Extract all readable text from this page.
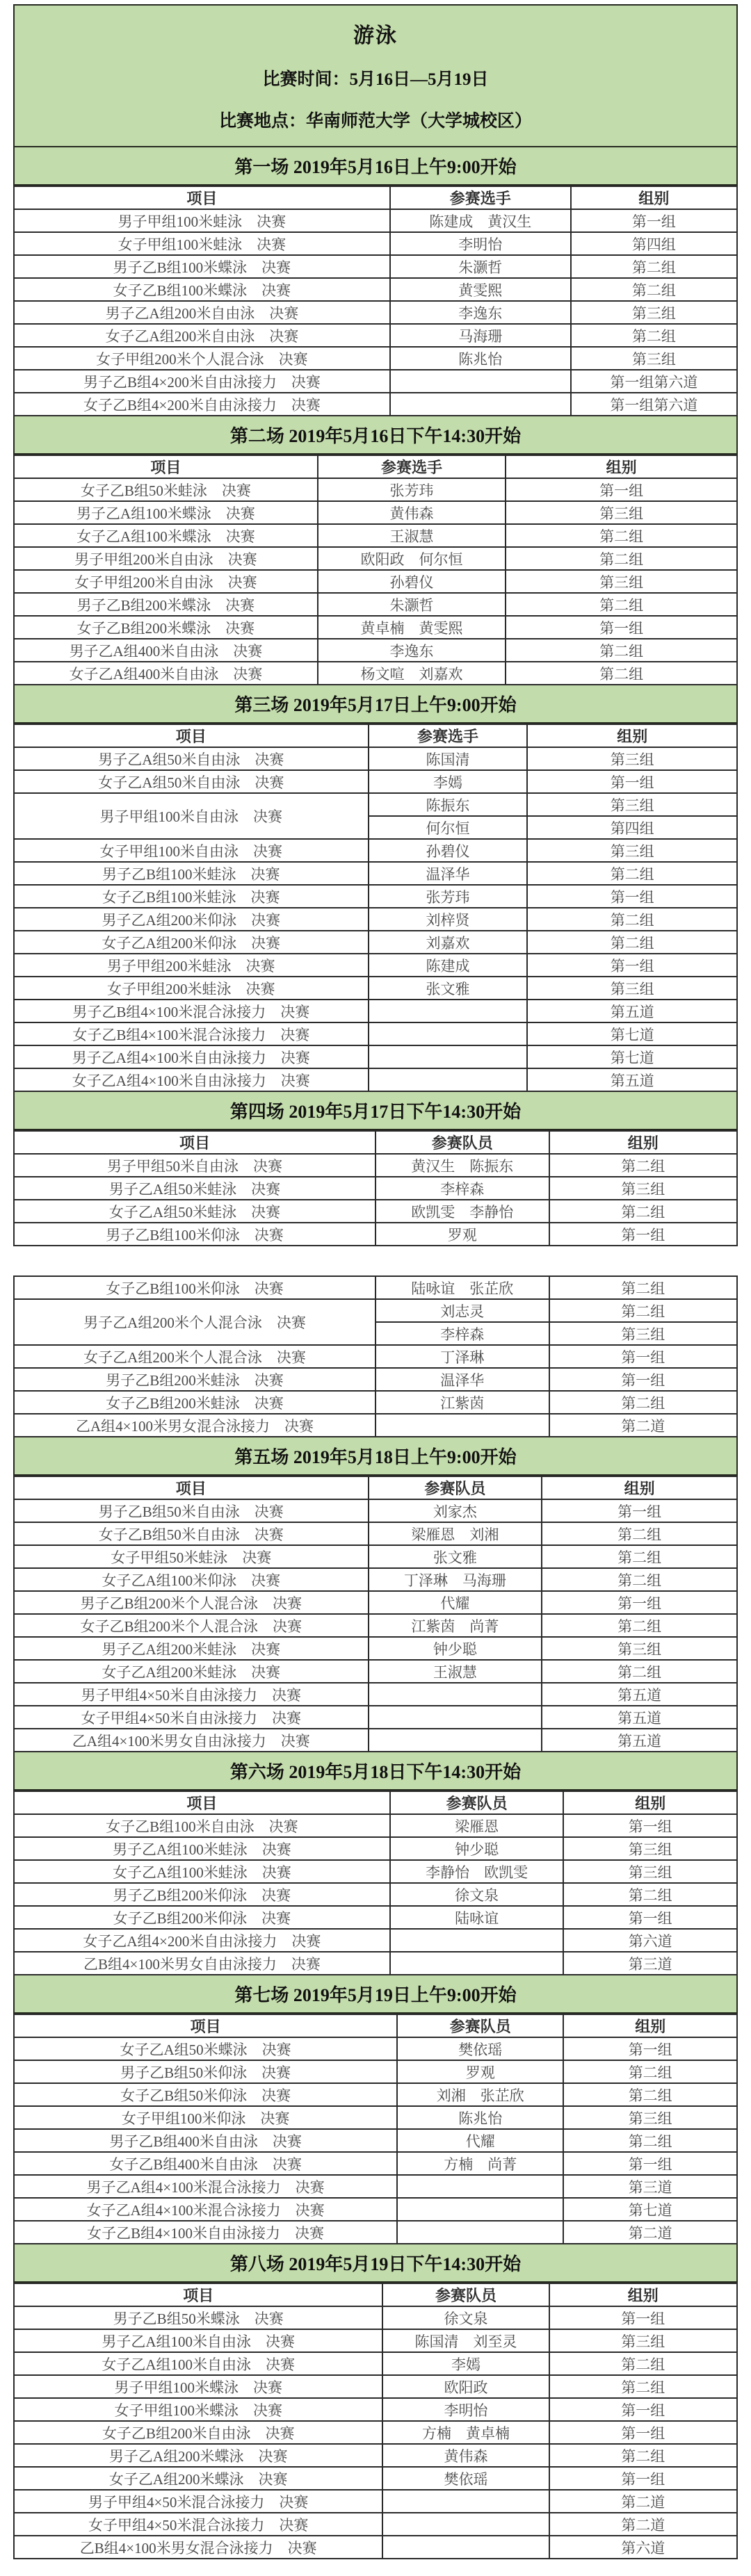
游泳
比赛时间：5月16日—5月19日
比赛地点：华南师范大学（大学城校区）
第一场 2019年5月16日上午9:00开始
项目	参赛选手	组别
男子甲组100米蛙泳　决赛	陈建成　黄汉生	第一组
女子甲组100米蛙泳　决赛	李明怡	第四组
男子乙B组100米蝶泳　决赛	朱灏哲	第二组
女子乙B组100米蝶泳　决赛	黄雯熙	第二组
男子乙A组200米自由泳　决赛	李逸东	第三组
女子乙A组200米自由泳　决赛	马海珊	第二组
女子甲组200米个人混合泳　决赛	陈兆怡	第三组
男子乙B组4×200米自由泳接力　决赛		第一组第六道
女子乙B组4×200米自由泳接力　决赛		第一组第六道
第二场 2019年5月16日下午14:30开始
项目	参赛选手	组别
女子乙B组50米蛙泳　决赛	张芳玮	第一组
男子乙A组100米蝶泳　决赛	黄伟森	第三组
女子乙A组100米蝶泳　决赛	王淑慧	第二组
男子甲组200米自由泳　决赛	欧阳政　何尔恒	第二组
女子甲组200米自由泳　决赛	孙碧仪	第三组
男子乙B组200米蝶泳　决赛	朱灏哲	第二组
女子乙B组200米蝶泳　决赛	黄卓楠　黄雯熙	第一组
男子乙A组400米自由泳　决赛	李逸东	第二组
女子乙A组400米自由泳　决赛	杨文喧　刘嘉欢	第二组
第三场 2019年5月17日上午9:00开始
项目	参赛选手	组别
男子乙A组50米自由泳　决赛	陈国清	第三组
女子乙A组50米自由泳　决赛	李嫣	第一组
男子甲组100米自由泳　决赛	陈振东	第三组
	何尔恒	第四组
女子甲组100米自由泳　决赛	孙碧仪	第三组
男子乙B组100米蛙泳　决赛	温泽华	第二组
女子乙B组100米蛙泳　决赛	张芳玮	第一组
男子乙A组200米仰泳　决赛	刘梓贤	第二组
女子乙A组200米仰泳　决赛	刘嘉欢	第二组
男子甲组200米蛙泳　决赛	陈建成	第一组
女子甲组200米蛙泳　决赛	张文雅	第三组
男子乙B组4×100米混合泳接力　决赛		第五道
女子乙B组4×100米混合泳接力　决赛		第七道
男子乙A组4×100米自由泳接力　决赛		第七道
女子乙A组4×100米自由泳接力　决赛		第五道
第四场 2019年5月17日下午14:30开始
项目	参赛队员	组别
男子甲组50米自由泳　决赛	黄汉生　陈振东	第二组
男子乙A组50米蛙泳　决赛	李梓森	第三组
女子乙A组50米蛙泳　决赛	欧凯雯　李静怡	第二组
男子乙B组100米仰泳　决赛	罗观	第一组
女子乙B组100米仰泳　决赛	陆咏谊　张芷欣	第二组
男子乙A组200米个人混合泳　决赛	刘志灵	第二组
	李梓森	第三组
女子乙A组200米个人混合泳　决赛	丁泽琳	第一组
男子乙B组200米蛙泳　决赛	温泽华	第一组
女子乙B组200米蛙泳　决赛	江紫茵	第二组
乙A组4×100米男女混合泳接力　决赛		第二道
第五场 2019年5月18日上午9:00开始
项目	参赛队员	组别
男子乙B组50米自由泳　决赛	刘家杰	第一组
女子乙B组50米自由泳　决赛	梁雁恩　刘湘	第二组
女子甲组50米蛙泳　决赛	张文雅	第二组
女子乙A组100米仰泳　决赛	丁泽琳　马海珊	第二组
男子乙B组200米个人混合泳　决赛	代耀	第一组
女子乙B组200米个人混合泳　决赛	江紫茵　尚菁	第二组
男子乙A组200米蛙泳　决赛	钟少聪	第三组
女子乙A组200米蛙泳　决赛	王淑慧	第二组
男子甲组4×50米自由泳接力　决赛		第五道
女子甲组4×50米自由泳接力　决赛		第五道
乙A组4×100米男女自由泳接力　决赛		第五道
第六场 2019年5月18日下午14:30开始
项目	参赛队员	组别
女子乙B组100米自由泳　决赛	梁雁恩	第一组
男子乙A组100米蛙泳　决赛	钟少聪	第三组
女子乙A组100米蛙泳　决赛	李静怡　欧凯雯	第三组
男子乙B组200米仰泳　决赛	徐文泉	第二组
女子乙B组200米仰泳　决赛	陆咏谊	第一组
女子乙A组4×200米自由泳接力　决赛		第六道
乙B组4×100米男女自由泳接力　决赛		第三道
第七场 2019年5月19日上午9:00开始
项目	参赛队员	组别
女子乙A组50米蝶泳　决赛	樊依瑶	第一组
男子乙B组50米仰泳　决赛	罗观	第二组
女子乙B组50米仰泳　决赛	刘湘　张芷欣	第二组
女子甲组100米仰泳　决赛	陈兆怡	第三组
男子乙B组400米自由泳　决赛	代耀	第二组
女子乙B组400米自由泳　决赛	方楠　尚菁	第一组
男子乙A组4×100米混合泳接力　决赛		第三道
女子乙A组4×100米混合泳接力　决赛		第七道
女子乙B组4×100米自由泳接力　决赛		第二道
第八场 2019年5月19日下午14:30开始
项目	参赛队员	组别
男子乙B组50米蝶泳　决赛	徐文泉	第一组
男子乙A组100米自由泳　决赛	陈国清　刘至灵	第三组
女子乙A组100米自由泳　决赛	李嫣	第二组
男子甲组100米蝶泳　决赛	欧阳政	第二组
女子甲组100米蝶泳　决赛	李明怡	第一组
女子乙B组200米自由泳　决赛	方楠　黄卓楠	第一组
男子乙A组200米蝶泳　决赛	黄伟森	第二组
女子乙A组200米蝶泳　决赛	樊依瑶	第一组
男子甲组4×50米混合泳接力　决赛		第二道
女子甲组4×50米混合泳接力　决赛		第二道
乙B组4×100米男女混合泳接力　决赛		第六道
